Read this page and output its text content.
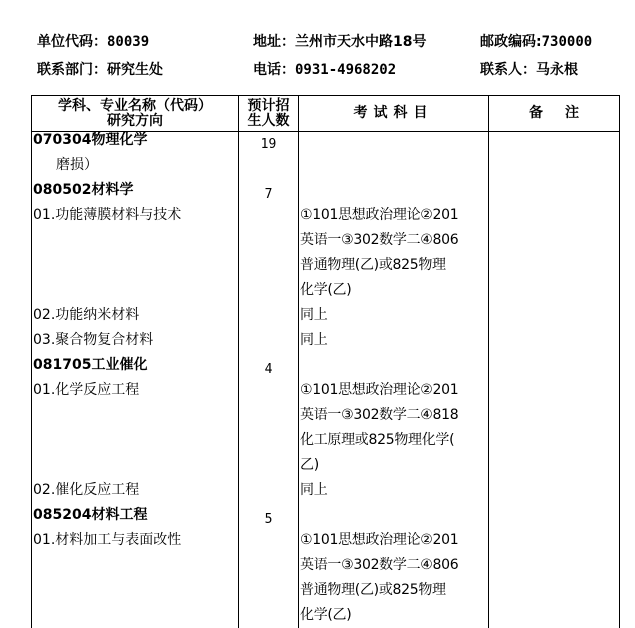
单位代码：80039	地址：兰州市天水中路18号	邮政编码:730000
联系部门：研究生处	电话：0931-4968202	联系人：马永根
学科、专业名称（代码）
研究方向
预计招
生人数	考试科目	备注
070304物理化学	19
磨损）
080502材料学	7
01.功能薄膜材料与技术	①101思想政治理论②201
英语一③302数学二④806
普通物理(乙)或825物理
化学(乙)
02.功能纳米材料	同上
03.聚合物复合材料	同上
081705工业催化	4
01.化学反应工程	①101思想政治理论②201
英语一③302数学二④818
化工原理或825物理化学(
乙)
02.催化反应工程	同上
085204材料工程	5
01.材料加工与表面改性	①101思想政治理论②201
英语一③302数学二④806
普通物理(乙)或825物理
化学(乙)
